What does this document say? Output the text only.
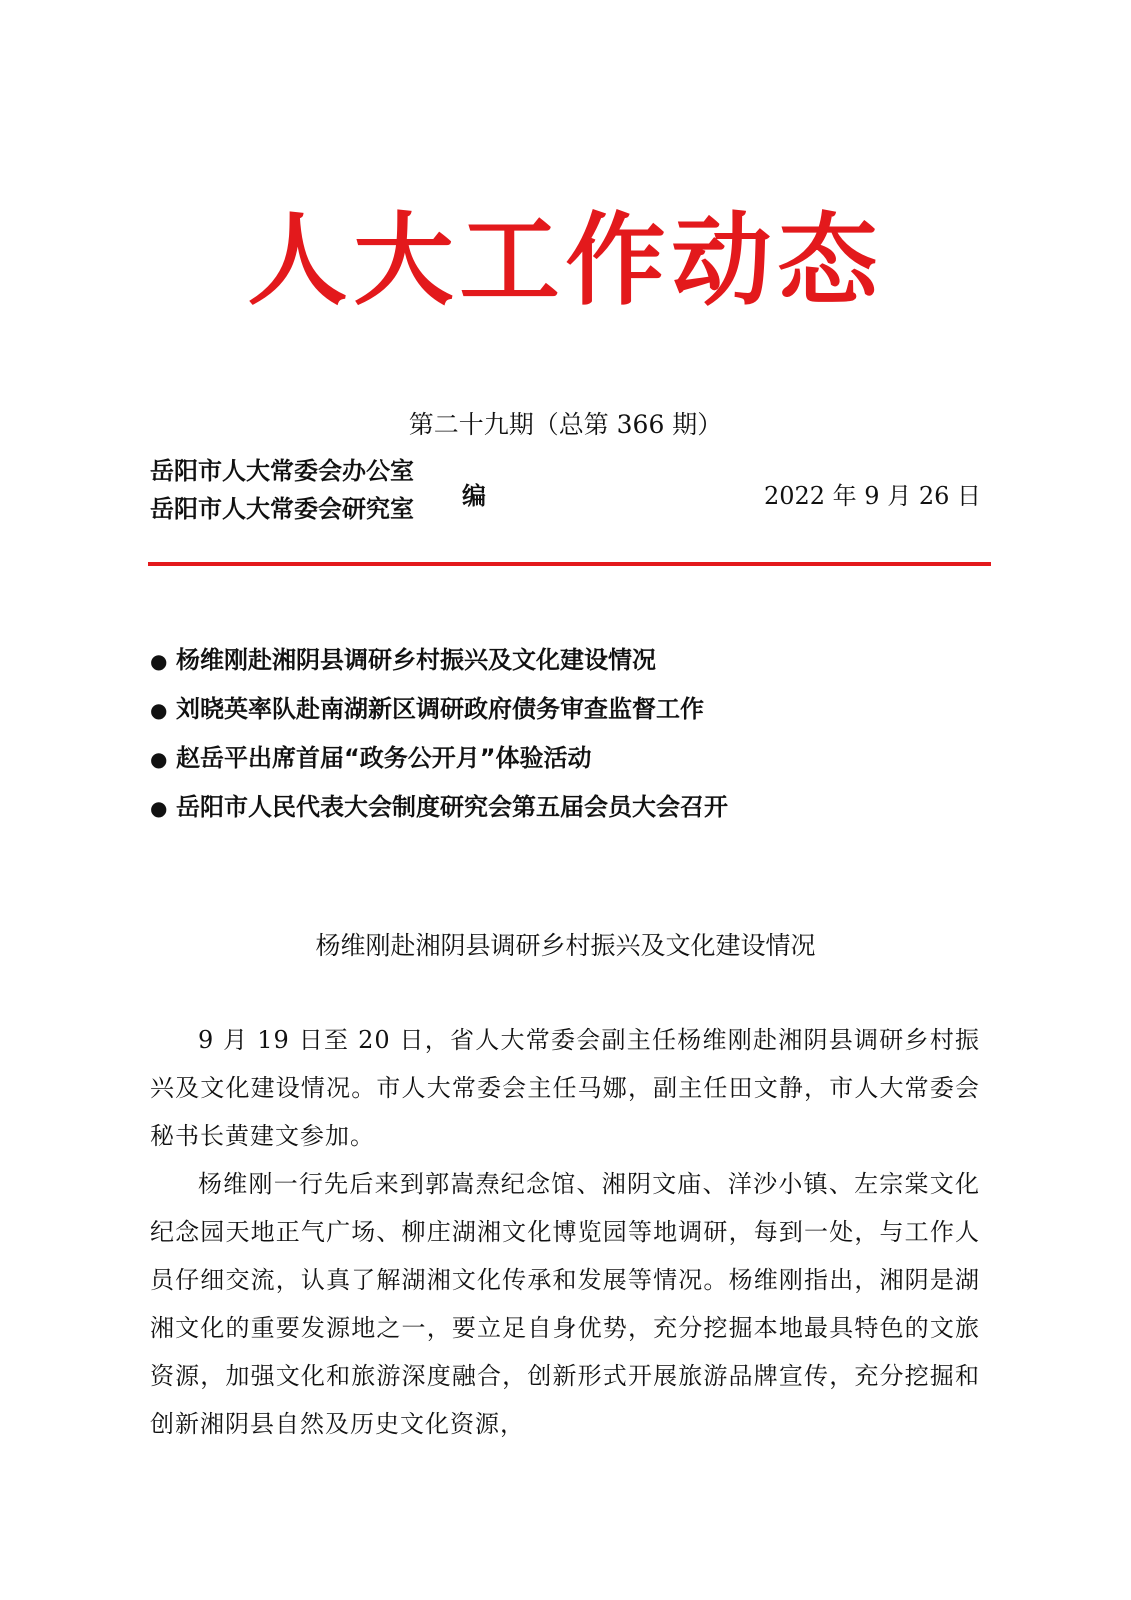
人大工作动态
第二十九期（总第 366 期）
岳阳市人大常委会办公室
岳阳市人大常委会研究室 编	2022 年 9 月 26 日
● 杨维刚赴湘阴县调研乡村振兴及文化建设情况
● 刘晓英率队赴南湖新区调研政府债务审查监督工作
● 赵岳平出席首届“政务公开月”体验活动
● 岳阳市人民代表大会制度研究会第五届会员大会召开
杨维刚赴湘阴县调研乡村振兴及文化建设情况

9 月 19 日至 20 日，省人大常委会副主任杨维刚赴湘阴县调研乡村振兴及文化建设情况。市人大常委会主任马娜，副主任田文静，市人大常委会秘书长黄建文参加。

杨维刚一行先后来到郭嵩焘纪念馆、湘阴文庙、洋沙小镇、左宗棠文化纪念园天地正气广场、柳庄湖湘文化博览园等地调研，每到一处，与工作人员仔细交流，认真了解湖湘文化传承和发展等情况。杨维刚指出，湘阴是湖湘文化的重要发源地之一，要立足自身优势，充分挖掘本地最具特色的文旅资源，加强文化和旅游深度融合，创新形式开展旅游品牌宣传，充分挖掘和创新湘阴县自然及历史文化资源，
